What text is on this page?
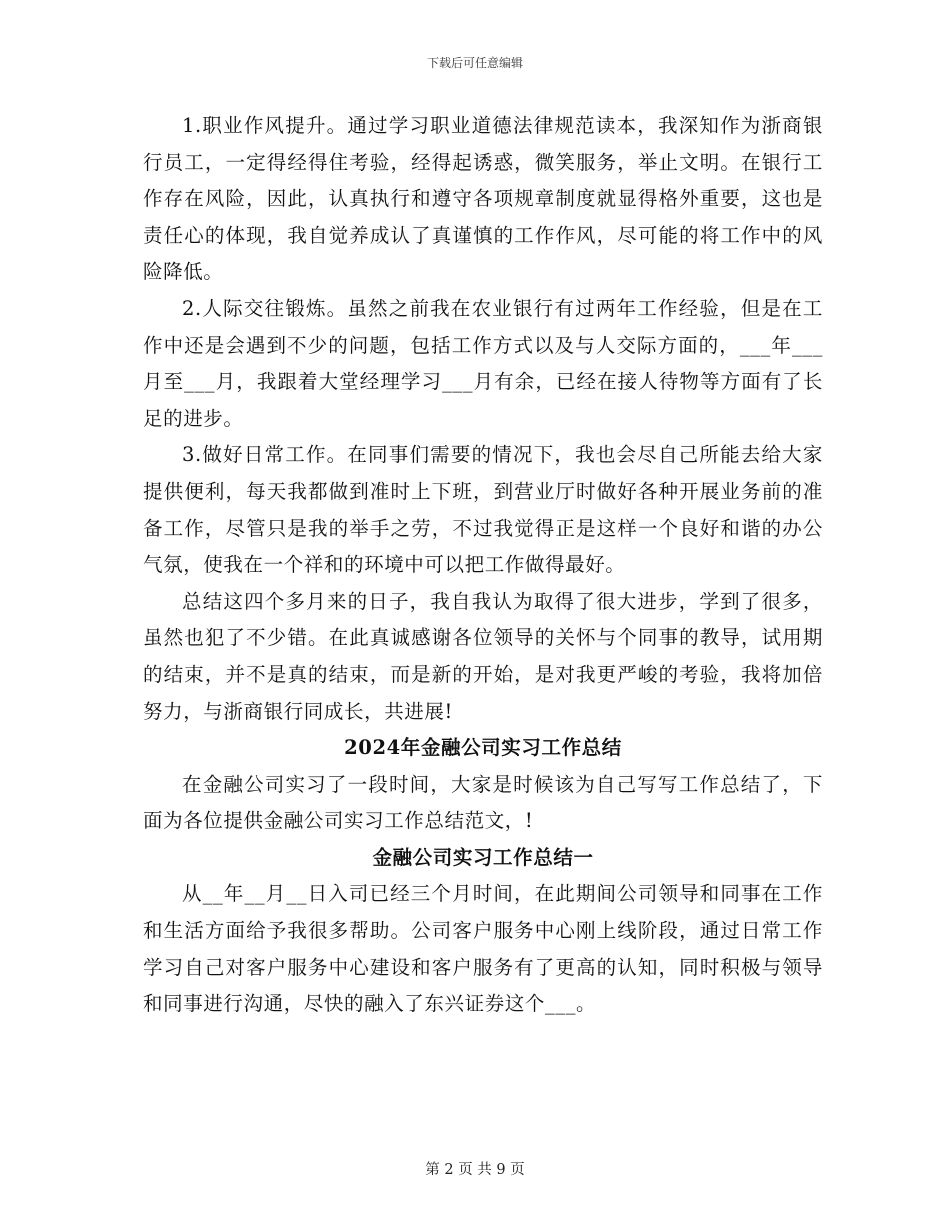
下载后可任意编辑

1.职业作风提升。通过学习职业道德法律规范读本，我深知作为浙商银行员工，一定得经得住考验，经得起诱惑，微笑服务，举止文明。在银行工作存在风险，因此，认真执行和遵守各项规章制度就显得格外重要，这也是责任心的体现，我自觉养成认了真谨慎的工作作风，尽可能的将工作中的风险降低。

2.人际交往锻炼。虽然之前我在农业银行有过两年工作经验，但是在工作中还是会遇到不少的问题，包括工作方式以及与人交际方面的，___年___月至___月，我跟着大堂经理学习___月有余，已经在接人待物等方面有了长足的进步。

3.做好日常工作。在同事们需要的情况下，我也会尽自己所能去给大家提供便利，每天我都做到准时上下班，到营业厅时做好各种开展业务前的准备工作，尽管只是我的举手之劳，不过我觉得正是这样一个良好和谐的办公气氛，使我在一个祥和的环境中可以把工作做得最好。

总结这四个多月来的日子，我自我认为取得了很大进步，学到了很多，虽然也犯了不少错。在此真诚感谢各位领导的关怀与个同事的教导，试用期的结束，并不是真的结束，而是新的开始，是对我更严峻的考验，我将加倍努力，与浙商银行同成长，共进展!

2024年金融公司实习工作总结

在金融公司实习了一段时间，大家是时候该为自己写写工作总结了，下面为各位提供金融公司实习工作总结范文，!

金融公司实习工作总结一

从__年__月__日入司已经三个月时间，在此期间公司领导和同事在工作和生活方面给予我很多帮助。公司客户服务中心刚上线阶段，通过日常工作学习自己对客户服务中心建设和客户服务有了更高的认知，同时积极与领导和同事进行沟通，尽快的融入了东兴证券这个___。

第 2 页 共 9 页
